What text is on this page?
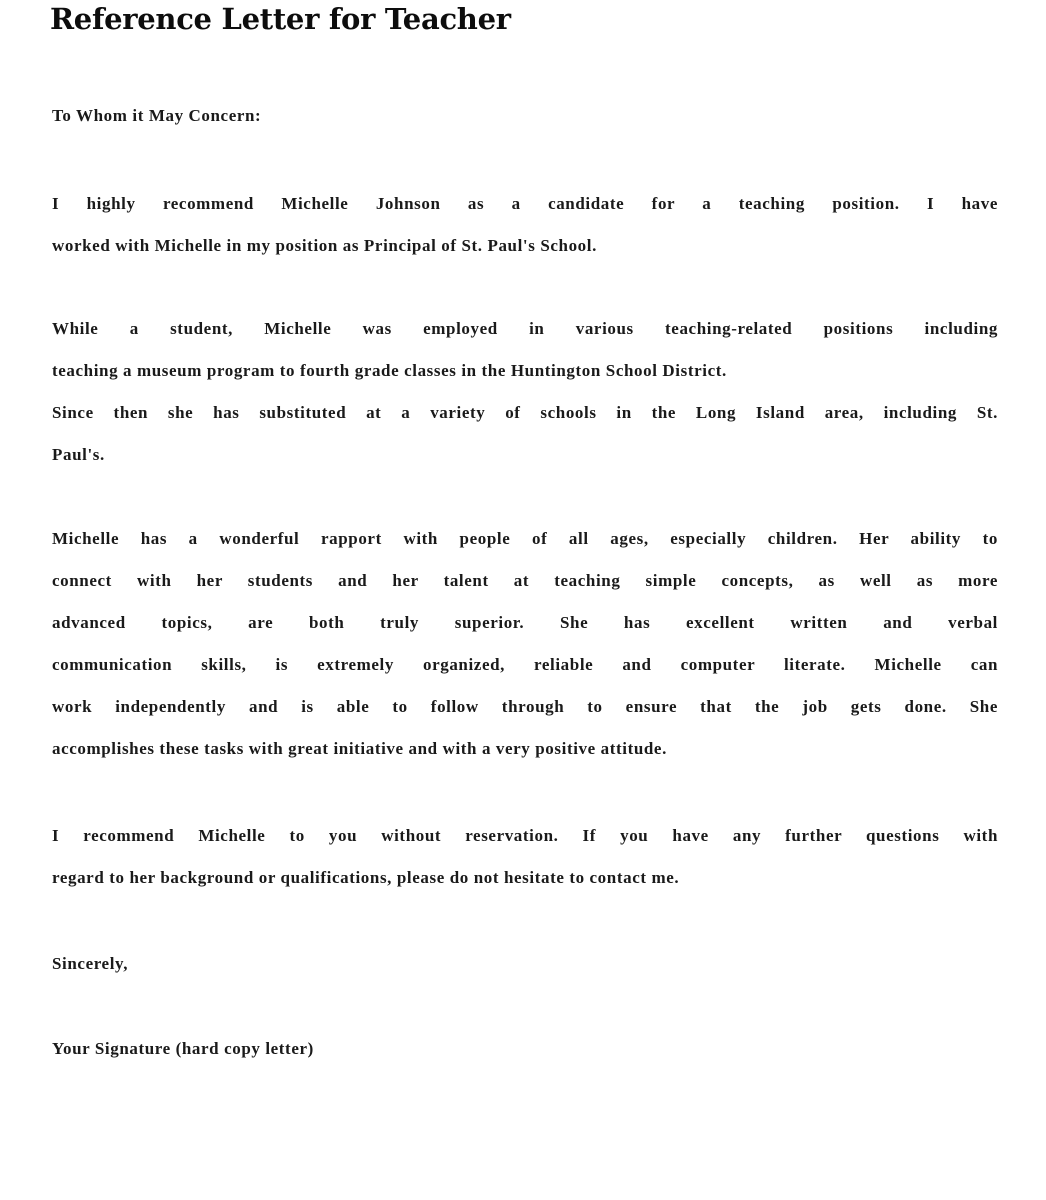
Reference Letter for Teacher

To Whom it May Concern:

I highly recommend Michelle Johnson as a candidate for a teaching position. I have
worked with Michelle in my position as Principal of St. Paul's School.

While a student, Michelle was employed in various teaching-related positions including
teaching a museum program to fourth grade classes in the Huntington School District.
Since then she has substituted at a variety of schools in the Long Island area, including St.
Paul's.

Michelle has a wonderful rapport with people of all ages, especially children. Her ability to
connect with her students and her talent at teaching simple concepts, as well as more
advanced topics, are both truly superior. She has excellent written and verbal
communication skills, is extremely organized, reliable and computer literate. Michelle can
work independently and is able to follow through to ensure that the job gets done. She
accomplishes these tasks with great initiative and with a very positive attitude.

I recommend Michelle to you without reservation. If you have any further questions with
regard to her background or qualifications, please do not hesitate to contact me.

Sincerely,

Your Signature (hard copy letter)
